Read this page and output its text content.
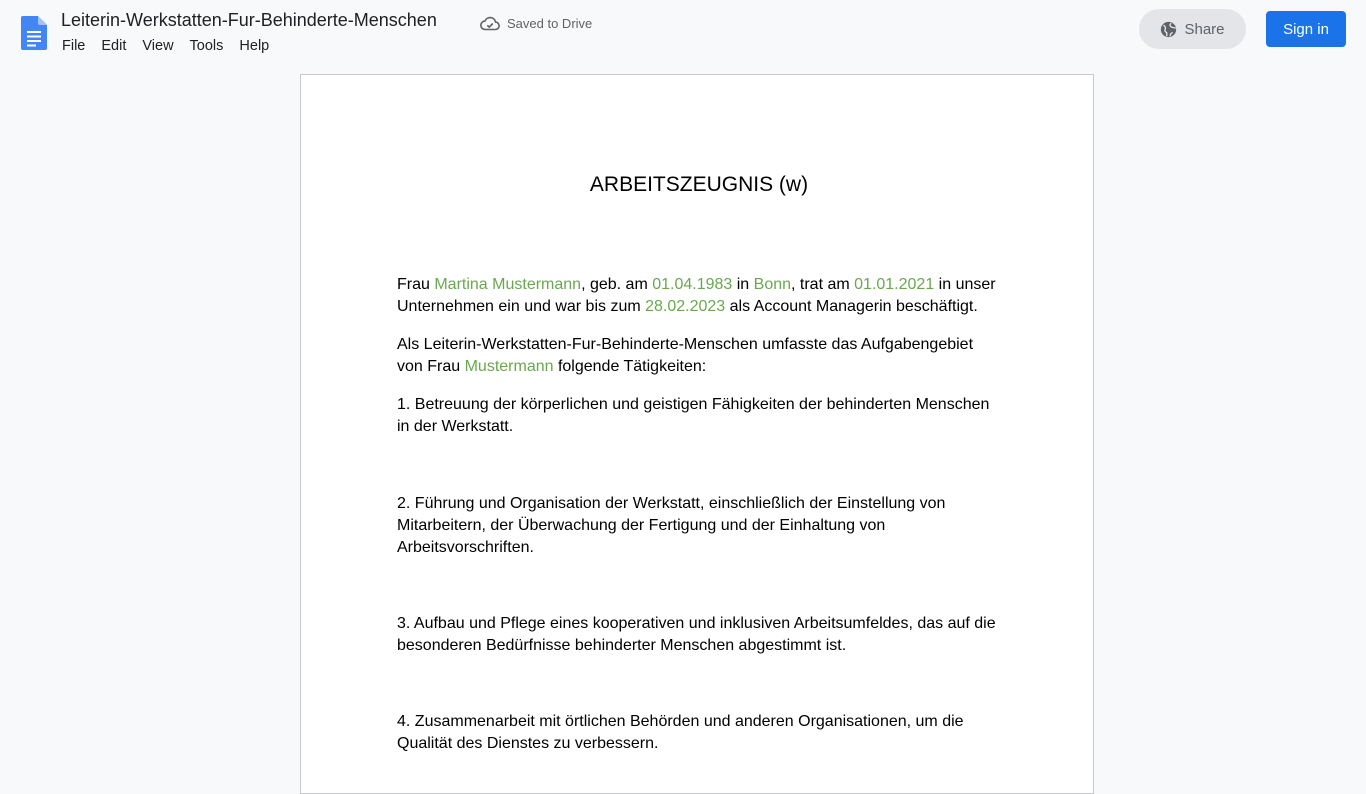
Leiterin-Werkstatten-Fur-Behinderte-Menschen	Saved to Drive
File	Edit	View	Tools	Help
Share	Sign in
ARBEITSZEUGNIS (w)

Frau Martina Mustermann, geb. am 01.04.1983 in Bonn, trat am 01.01.2021 in unser Unternehmen ein und war bis zum 28.02.2023 als Account Managerin beschäftigt.

Als Leiterin-Werkstatten-Fur-Behinderte-Menschen umfasste das Aufgabengebiet von Frau Mustermann folgende Tätigkeiten:

1. Betreuung der körperlichen und geistigen Fähigkeiten der behinderten Menschen in der Werkstatt.

2. Führung und Organisation der Werkstatt, einschließlich der Einstellung von Mitarbeitern, der Überwachung der Fertigung und der Einhaltung von Arbeitsvorschriften.

3. Aufbau und Pflege eines kooperativen und inklusiven Arbeitsumfeldes, das auf die besonderen Bedürfnisse behinderter Menschen abgestimmt ist.

4. Zusammenarbeit mit örtlichen Behörden und anderen Organisationen, um die Qualität des Dienstes zu verbessern.
